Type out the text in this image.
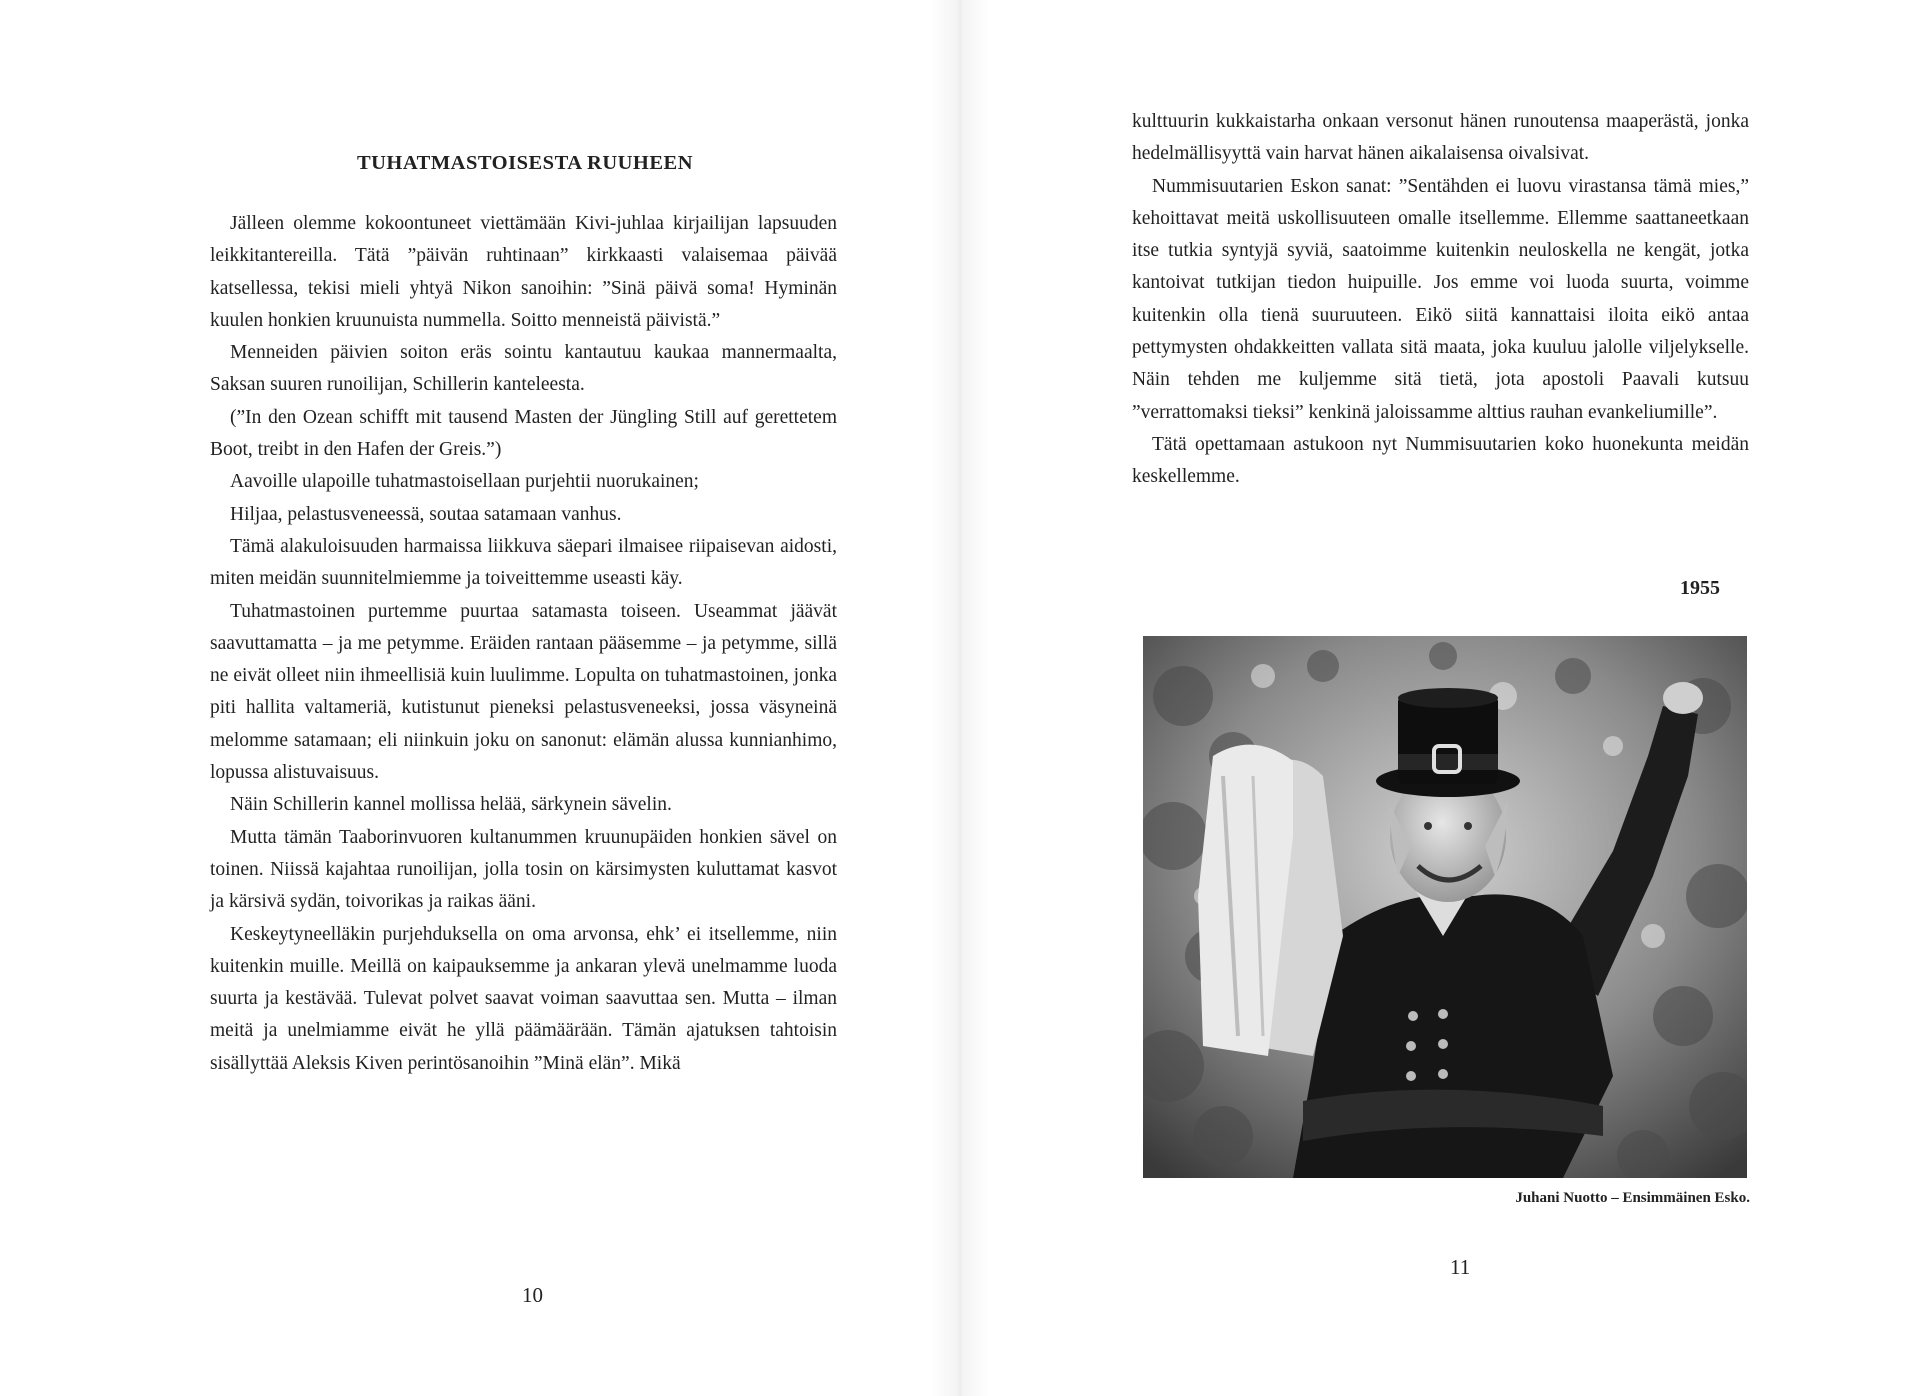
TUHATMASTOISESTA RUUHEEN

Jälleen olemme kokoontuneet viettämään Kivi-juhlaa kirjailijan lapsuuden leikkitantereilla. Tätä ”päivän ruhtinaan” kirkkaasti valaisemaa päivää katsellessa, tekisi mieli yhtyä Nikon sanoihin: ”Sinä päivä soma! Hyminän kuulen honkien kruunuista nummella. Soitto menneistä päivistä.”

Menneiden päivien soiton eräs sointu kantautuu kaukaa mannermaalta, Saksan suuren runoilijan, Schillerin kanteleesta.

(”In den Ozean schifft mit tausend Masten der Jüngling Still auf gerettetem Boot, treibt in den Hafen der Greis.”)

Aavoille ulapoille tuhatmastoisellaan purjehtii nuorukainen;

Hiljaa, pelastusveneessä, soutaa satamaan vanhus.

Tämä alakuloisuuden harmaissa liikkuva säepari ilmaisee riipaisevan aidosti, miten meidän suunnitelmiemme ja toiveittemme useasti käy.

Tuhatmastoinen purtemme puurtaa satamasta toiseen. Useammat jäävät saavuttamatta – ja me petymme. Eräiden rantaan pääsemme – ja petymme, sillä ne eivät olleet niin ihmeellisiä kuin luulimme. Lopulta on tuhatmastoinen, jonka piti hallita valtameriä, kutistunut pieneksi pelastusveneeksi, jossa väsyneinä melomme satamaan; eli niinkuin joku on sanonut: elämän alussa kunnianhimo, lopussa alistuvaisuus.

Näin Schillerin kannel mollissa helää, särkynein sävelin.

Mutta tämän Taaborinvuoren kultanummen kruunupäiden honkien sävel on toinen. Niissä kajahtaa runoilijan, jolla tosin on kärsimysten kuluttamat kasvot ja kärsivä sydän, toivorikas ja raikas ääni.

Keskeytyneelläkin purjehduksella on oma arvonsa, ehk’ ei itsellemme, niin kuitenkin muille. Meillä on kaipauksemme ja ankaran ylevä unelmamme luoda suurta ja kestävää. Tulevat polvet saavat voiman saavuttaa sen. Mutta – ilman meitä ja unelmiamme eivät he yllä päämäärään. Tämän ajatuksen tahtoisin sisällyttää Aleksis Kiven perintösanoihin ”Minä elän”. Mikä

10

kulttuurin kukkaistarha onkaan versonut hänen runoutensa maaperästä, jonka hedelmällisyyttä vain harvat hänen aikalaisensa oivalsivat.

Nummisuutarien Eskon sanat: ”Sentähden ei luovu virastansa tämä mies,” kehoittavat meitä uskollisuuteen omalle itsellemme. Ellemme saattaneetkaan itse tutkia syntyjä syviä, saatoimme kuitenkin neuloskella ne kengät, jotka kantoivat tutkijan tiedon huipuille. Jos emme voi luoda suurta, voimme kuitenkin olla tienä suuruuteen. Eikö siitä kannattaisi iloita eikö antaa pettymysten ohdakkeitten vallata sitä maata, joka kuuluu jalolle viljelykselle. Näin tehden me kuljemme sitä tietä, jota apostoli Paavali kutsuu ”verrattomaksi tieksi” kenkinä jaloissamme alttius rauhan evankeliumille”.

Tätä opettamaan astukoon nyt Nummisuutarien koko huonekunta meidän keskellemme.

1955
Juhani Nuotto – Ensimmäinen Esko.
11
